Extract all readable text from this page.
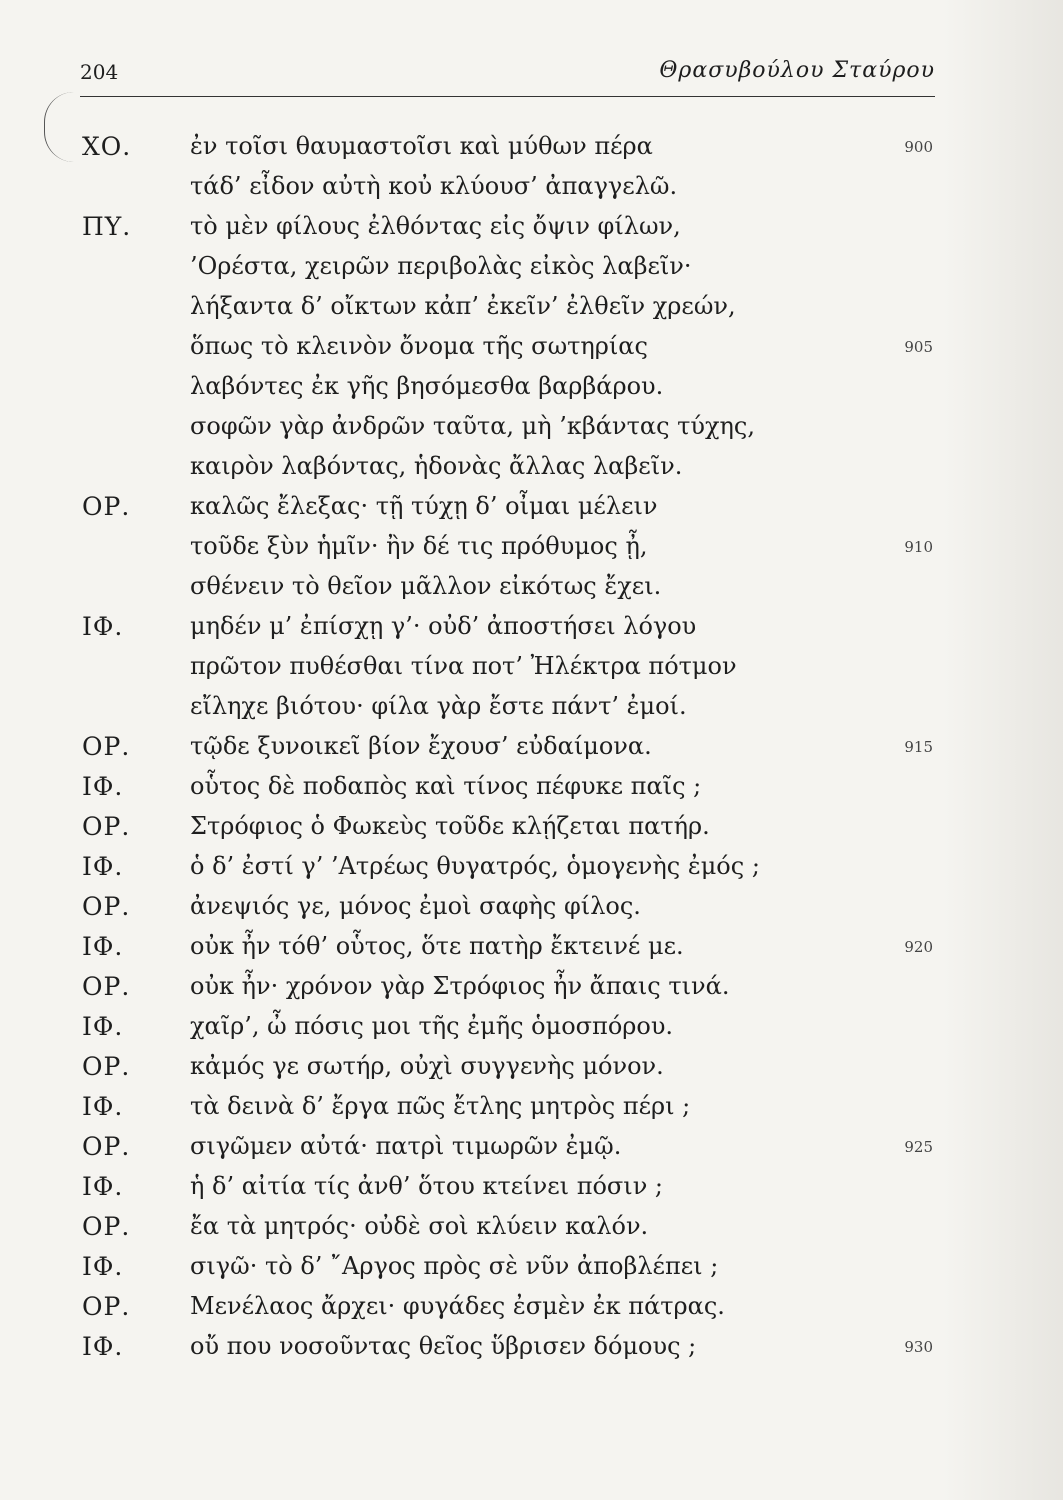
204	Θρασυβούλου Σταύρου
ΧΟ. ἐν τοῖσι θαυμαστοῖσι καὶ μύθων πέρα	900
τάδ’ εἶδον αὐτὴ κοὐ κλύουσ’ ἀπαγγελῶ.
ΠΥ. τὸ μὲν φίλους ἐλθόντας εἰς ὄψιν φίλων,
’Ορέστα, χειρῶν περιβολὰς εἰκὸς λαβεῖν·
λήξαντα δ’ οἴκτων κἀπ’ ἐκεῖν’ ἐλθεῖν χρεών,
ὅπως τὸ κλεινὸν ὄνομα τῆς σωτηρίας	905
λαβόντες ἐκ γῆς βησόμεσθα βαρβάρου.
σοφῶν γὰρ ἀνδρῶν ταῦτα, μὴ ’κβάντας τύχης,
καιρὸν λαβόντας, ἡδονὰς ἄλλας λαβεῖν.
ΟΡ. καλῶς ἔλεξας· τῇ τύχῃ δ’ οἶμαι μέλειν
τοῦδε ξὺν ἡμῖν· ἢν δέ τις πρόθυμος ᾖ,	910
σθένειν τὸ θεῖον μᾶλλον εἰκότως ἔχει.
ΙΦ.	μηδέν μ’ ἐπίσχῃ γ’· οὐδ’ ἀποστήσει λόγου
πρῶτον πυθέσθαι τίνα ποτ’ Ἠλέκτρα πότμον
εἴληχε βιότου· φίλα γὰρ ἔστε πάντ’ ἐμοί.
ΟΡ. τῷδε ξυνοικεῖ βίον ἔχουσ’ εὐδαίμονα.	915
ΙΦ.	οὗτος δὲ ποδαπὸς καὶ τίνος πέφυκε παῖς ;
ΟΡ. Στρόφιος ὁ Φωκεὺς τοῦδε κλῄζεται πατήρ.
ΙΦ.	ὁ δ’ ἐστί γ’ ’Ατρέως θυγατρός, ὁμογενὴς ἐμός ;
ΟΡ. ἀνεψιός γε, μόνος ἐμοὶ σαφὴς φίλος.
ΙΦ.	οὐκ ἦν τόθ’ οὗτος, ὅτε πατὴρ ἔκτεινέ με.	920
ΟΡ. οὐκ ἦν· χρόνον γὰρ Στρόφιος ἦν ἄπαις τινά.
ΙΦ.	χαῖρ’, ὦ πόσις μοι τῆς ἐμῆς ὁμοσπόρου.
ΟΡ. κἀμός γε σωτήρ, οὐχὶ συγγενὴς μόνον.
ΙΦ.	τὰ δεινὰ δ’ ἔργα πῶς ἔτλης μητρὸς πέρι ;
ΟΡ. σιγῶμεν αὐτά· πατρὶ τιμωρῶν ἐμῷ.	925
ΙΦ.	ἡ δ’ αἰτία τίς ἀνθ’ ὅτου κτείνει πόσιν ;
ΟΡ. ἔα τὰ μητρός· οὐδὲ σοὶ κλύειν καλόν.
ΙΦ.	σιγῶ· τὸ δ’ ῎Αργος πρὸς σὲ νῦν ἀποβλέπει ;
ΟΡ. Μενέλαος ἄρχει· φυγάδες ἐσμὲν ἐκ πάτρας.
ΙΦ.	οὔ που νοσοῦντας θεῖος ὕβρισεν δόμους ;	930
